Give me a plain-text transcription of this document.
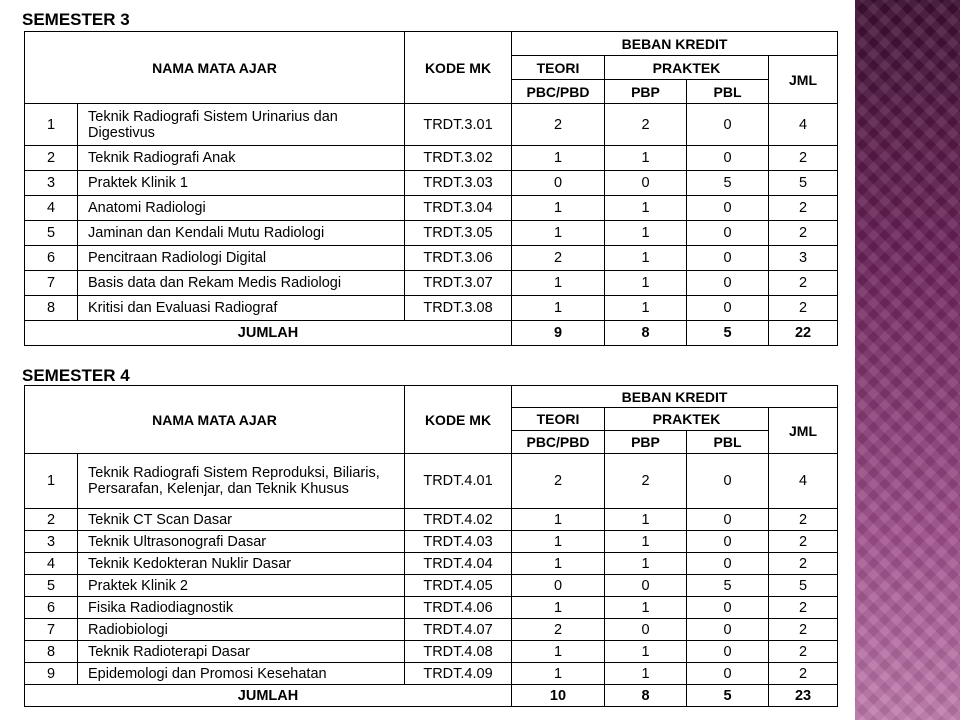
SEMESTER 3
NAMA MATA AJAR		KODE MK	BEBAN KREDIT			
			TEORI	PRAKTEK		JML
			PBC/PBD	PBP	PBL	
1	Teknik Radiografi Sistem Urinarius dan Digestivus	TRDT.3.01	2	2	0	4
2	Teknik Radiografi Anak	TRDT.3.02	1	1	0	2
3	Praktek Klinik 1	TRDT.3.03	0	0	5	5
4	Anatomi Radiologi	TRDT.3.04	1	1	0	2
5	Jaminan dan Kendali Mutu Radiologi	TRDT.3.05	1	1	0	2
6	Pencitraan Radiologi Digital	TRDT.3.06	2	1	0	3
7	Basis data dan Rekam Medis Radiologi	TRDT.3.07	1	1	0	2
8	Kritisi dan Evaluasi Radiograf	TRDT.3.08	1	1	0	2
JUMLAH			9	8	5	22
SEMESTER 4
NAMA MATA AJAR		KODE MK	BEBAN KREDIT			
			TEORI	PRAKTEK		JML
			PBC/PBD	PBP	PBL	
1	Teknik Radiografi Sistem Reproduksi, Biliaris, Persarafan, Kelenjar, dan Teknik Khusus	TRDT.4.01	2	2	0	4
2	Teknik CT Scan Dasar	TRDT.4.02	1	1	0	2
3	Teknik Ultrasonografi Dasar	TRDT.4.03	1	1	0	2
4	Teknik Kedokteran Nuklir Dasar	TRDT.4.04	1	1	0	2
5	Praktek Klinik 2	TRDT.4.05	0	0	5	5
6	Fisika Radiodiagnostik	TRDT.4.06	1	1	0	2
7	Radiobiologi	TRDT.4.07	2	0	0	2
8	Teknik Radioterapi Dasar	TRDT.4.08	1	1	0	2
9	Epidemologi dan Promosi Kesehatan	TRDT.4.09	1	1	0	2
JUMLAH			10	8	5	23
